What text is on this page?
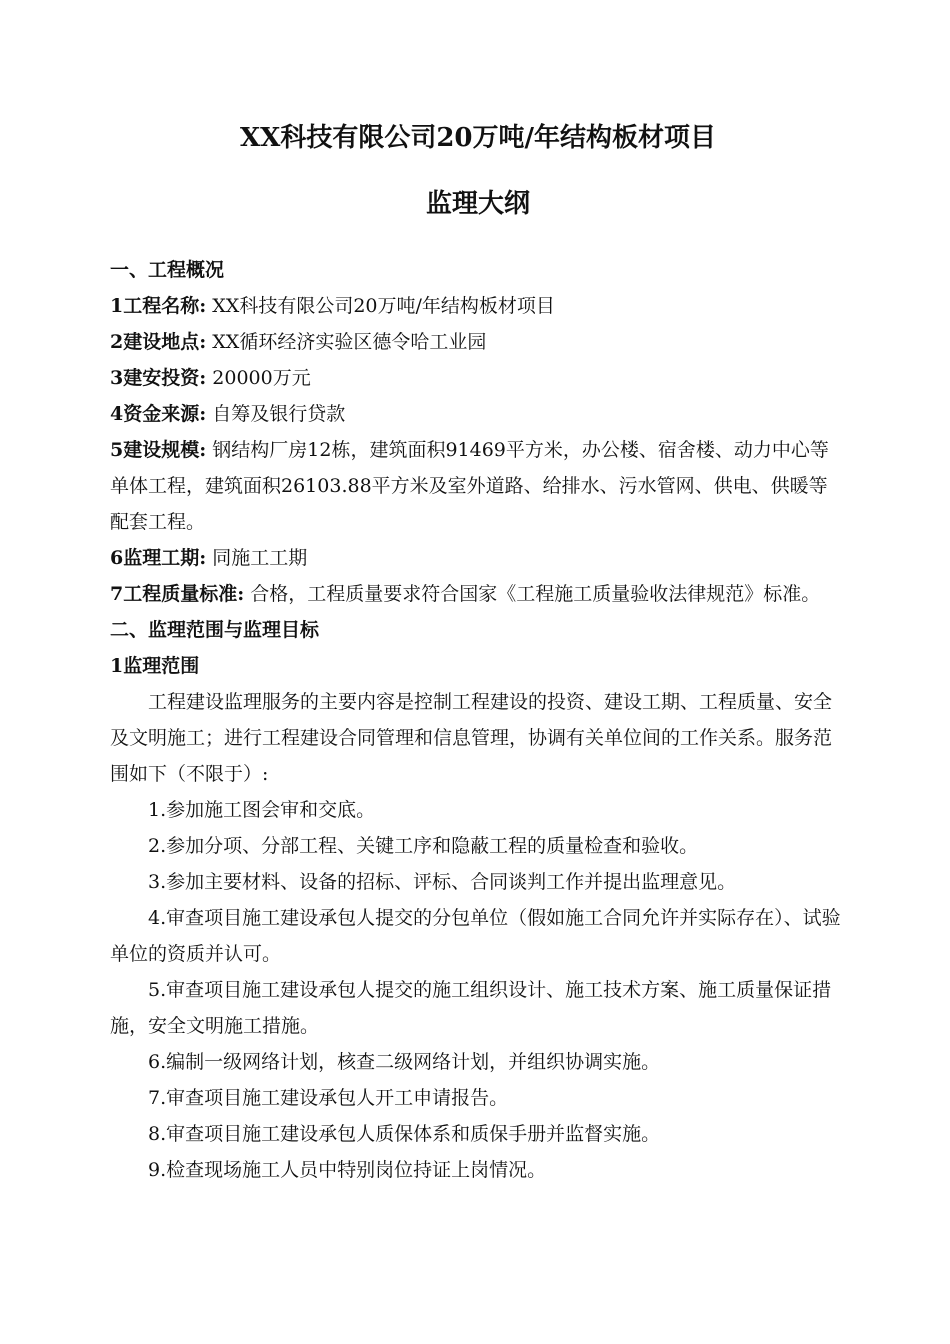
XX科技有限公司20万吨/年结构板材项目
监理大纲

一、工程概况

1工程名称: XX科技有限公司20万吨/年结构板材项目

2建设地点: XX循环经济实验区德令哈工业园

3建安投资: 20000万元

4资金来源: 自筹及银行贷款

5建设规模: 钢结构厂房12栋，建筑面积91469平方米，办公楼、宿舍楼、动力中心等单体工程，建筑面积26103.88平方米及室外道路、给排水、污水管网、供电、供暖等配套工程。

6监理工期: 同施工工期

7工程质量标准: 合格，工程质量要求符合国家《工程施工质量验收法律规范》标准。

二、监理范围与监理目标

1监理范围

工程建设监理服务的主要内容是控制工程建设的投资、建设工期、工程质量、安全及文明施工；进行工程建设合同管理和信息管理，协调有关单位间的工作关系。服务范围如下（不限于）:

1.参加施工图会审和交底。

2.参加分项、分部工程、关键工序和隐蔽工程的质量检查和验收。

3.参加主要材料、设备的招标、评标、合同谈判工作并提出监理意见。

4.审查项目施工建设承包人提交的分包单位（假如施工合同允许并实际存在）、试验单位的资质并认可。

5.审查项目施工建设承包人提交的施工组织设计、施工技术方案、施工质量保证措施，安全文明施工措施。

6.编制一级网络计划，核查二级网络计划，并组织协调实施。

7.审查项目施工建设承包人开工申请报告。

8.审查项目施工建设承包人质保体系和质保手册并监督实施。

9.检查现场施工人员中特别岗位持证上岗情况。
